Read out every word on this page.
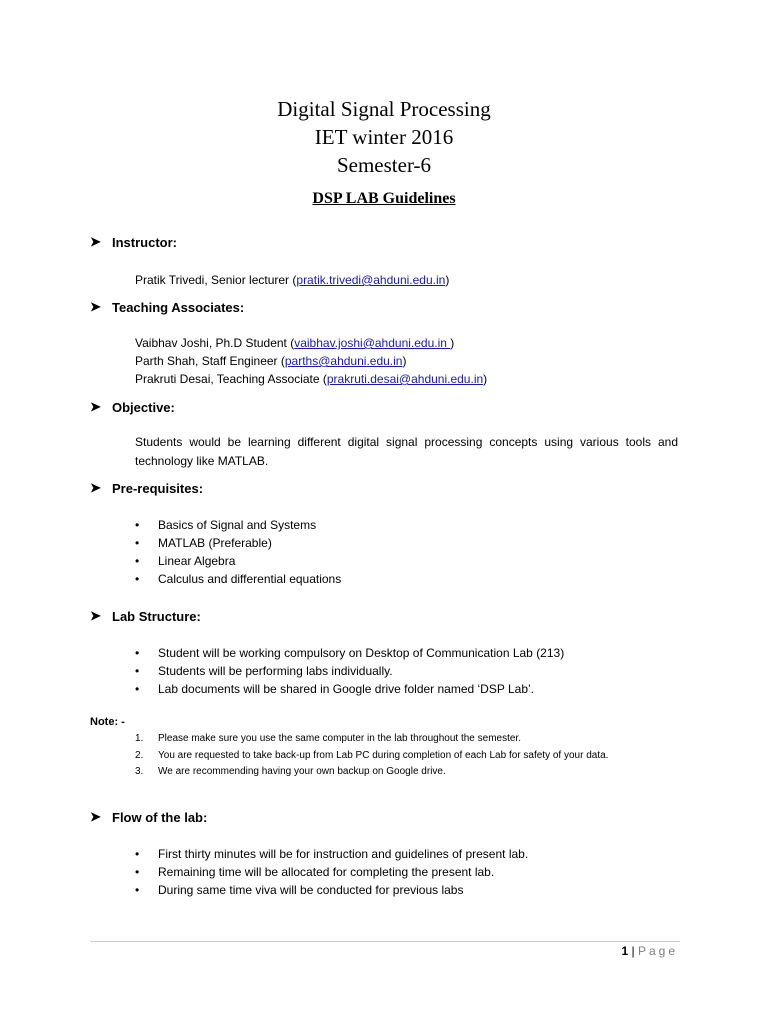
Digital Signal Processing
IET winter 2016
Semester-6
DSP LAB Guidelines
➤ Instructor:
Pratik Trivedi, Senior lecturer (pratik.trivedi@ahduni.edu.in)
➤ Teaching Associates:
Vaibhav Joshi, Ph.D Student (vaibhav.joshi@ahduni.edu.in )
Parth Shah, Staff Engineer (parths@ahduni.edu.in)
Prakruti Desai, Teaching Associate (prakruti.desai@ahduni.edu.in)
➤ Objective:
Students would be learning different digital signal processing concepts using various tools and technology like MATLAB.
➤ Pre-requisites:
• Basics of Signal and Systems
• MATLAB (Preferable)
• Linear Algebra
• Calculus and differential equations
➤ Lab Structure:
• Student will be working compulsory on Desktop of Communication Lab (213)
• Students will be performing labs individually.
• Lab documents will be shared in Google drive folder named ‘DSP Lab’.
Note: -
1. Please make sure you use the same computer in the lab throughout the semester.
2. You are requested to take back-up from Lab PC during completion of each Lab for safety of your data.
3. We are recommending having your own backup on Google drive.
➤ Flow of the lab:
• First thirty minutes will be for instruction and guidelines of present lab.
• Remaining time will be allocated for completing the present lab.
• During same time viva will be conducted for previous labs
1 | Page
